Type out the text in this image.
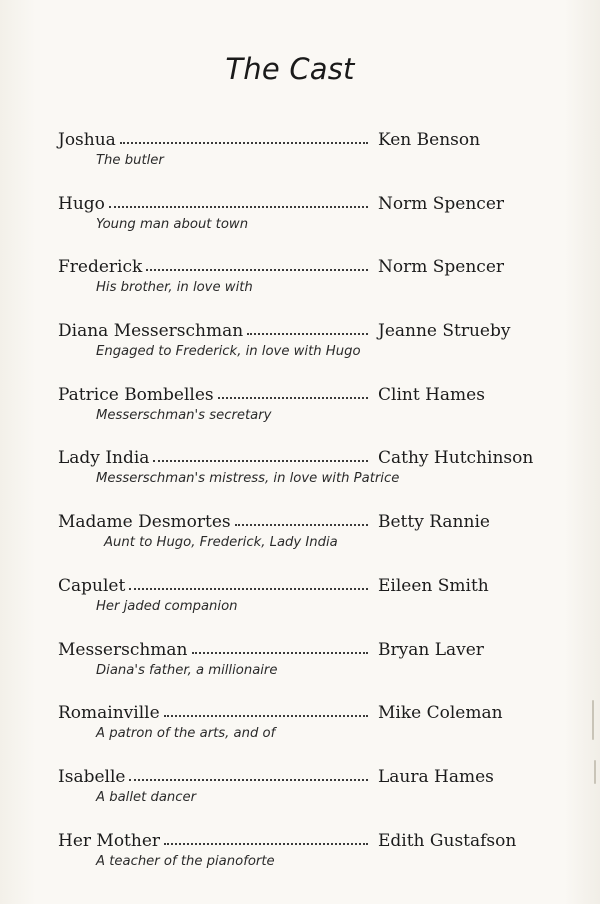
The Cast
Joshua	Ken Benson
The butler
Hugo	Norm Spencer
Young man about town
Frederick	Norm Spencer
His brother, in love with
Diana Messerschman	Jeanne Strueby
Engaged to Frederick, in love with Hugo
Patrice Bombelles	Clint Hames
Messerschman's secretary
Lady India	Cathy Hutchinson
Messerschman's mistress, in love with Patrice
Madame Desmortes	Betty Rannie
Aunt to Hugo, Frederick, Lady India
Capulet	Eileen Smith
Her jaded companion
Messerschman	Bryan Laver
Diana's father, a millionaire
Romainville	Mike Coleman
A patron of the arts, and of
Isabelle	Laura Hames
A ballet dancer
Her Mother	Edith Gustafson
A teacher of the pianoforte
